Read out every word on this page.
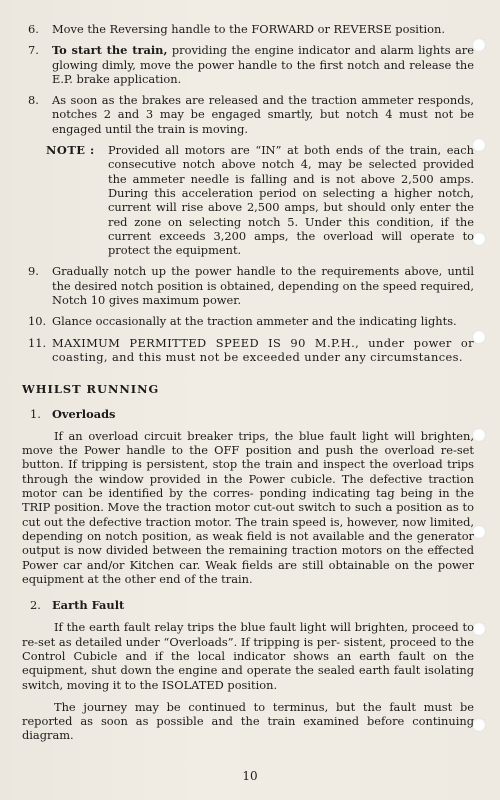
6.	Move the Reversing handle to the FORWARD or REVERSE position.
7.	To start the train, providing the engine indicator and alarm lights are glowing dimly, move the power handle to the first notch and release the E.P. brake application.
8.	As soon as the brakes are released and the traction ammeter responds, notches 2 and 3 may be engaged smartly, but notch 4 must not be engaged until the train is moving.
NOTE :	Provided all motors are “IN” at both ends of the train, each consecutive notch above notch 4, may be selected provided the ammeter needle is falling and is not above 2,500 amps. During this acceleration period on selecting a higher notch, current will rise above 2,500 amps, but should only enter the red zone on selecting notch 5. Under this condition, if the current exceeds 3,200 amps, the overload will operate to protect the equipment.
9.	Gradually notch up the power handle to the requirements above, until the desired notch position is obtained, depending on the speed required, Notch 10 gives maximum power.
10. Glance occasionally at the traction ammeter and the indicating lights.
11. MAXIMUM PERMITTED SPEED IS 90 M.P.H., under power or coasting, and this must not be exceeded under any circumstances.
WHILST RUNNING
1. Overloads

If an overload circuit breaker trips, the blue fault light will brighten, move the Power handle to the OFF position and push the overload re-set button. If tripping is persistent, stop the train and inspect the overload trips through the window provided in the Power cubicle. The defective traction motor can be identified by the corres- ponding indicating tag being in the TRIP position. Move the traction motor cut-out switch to such a position as to cut out the defective traction motor. The train speed is, however, now limited, depending on notch position, as weak field is not available and the generator output is now divided between the remaining traction motors on the effected Power car and/or Kitchen car. Weak fields are still obtainable on the power equipment at the other end of the train.

2. Earth Fault

If the earth fault relay trips the blue fault light will brighten, proceed to re-set as detailed under “Overloads”. If tripping is per- sistent, proceed to the Control Cubicle and if the local indicator shows an earth fault on the equipment, shut down the engine and operate the sealed earth fault isolating switch, moving it to the ISOLATED position.

The journey may be continued to terminus, but the fault must be reported as soon as possible and the train examined before continuing diagram.

10
